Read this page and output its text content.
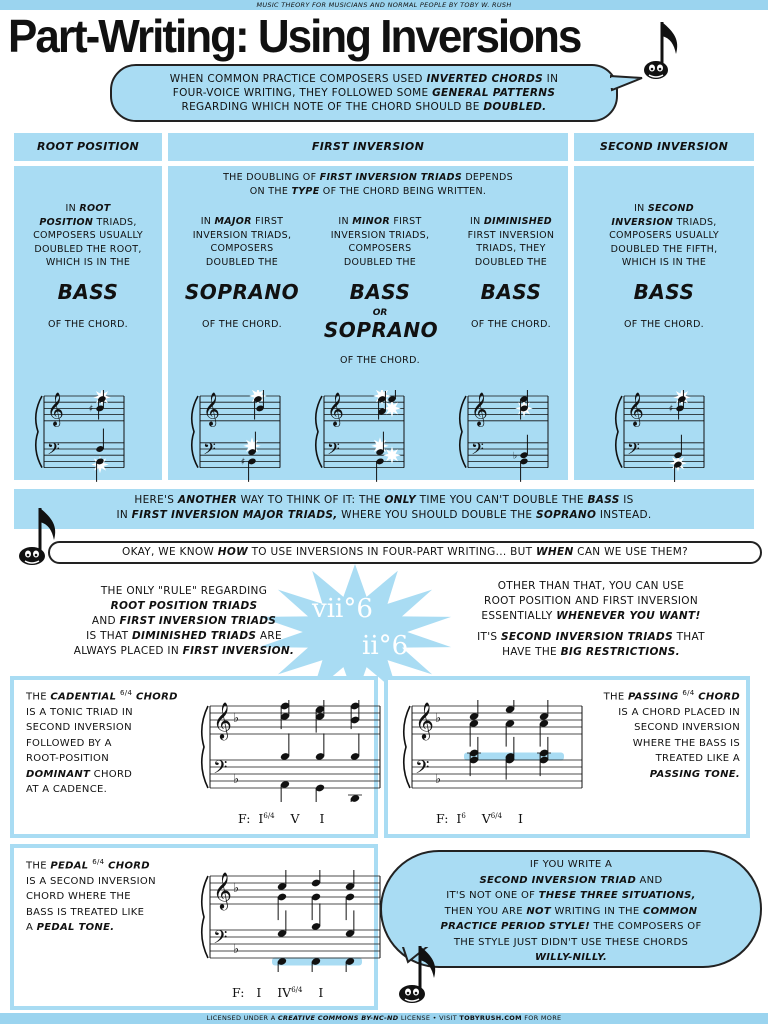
MUSIC THEORY FOR MUSICIANS AND NORMAL PEOPLE BY TOBY W. RUSH
Part-Writing: Using Inversions
WHEN COMMON PRACTICE COMPOSERS USED INVERTED CHORDS IN
FOUR-VOICE WRITING, THEY FOLLOWED SOME GENERAL PATTERNS
REGARDING WHICH NOTE OF THE CHORD SHOULD BE DOUBLED.
ROOT POSITION	FIRST INVERSION	SECOND INVERSION
IN ROOT
POSITION TRIADS,
COMPOSERS USUALLY
DOUBLED THE ROOT,
WHICH IS IN THE
BASS
OF THE CHORD.
THE DOUBLING OF FIRST INVERSION TRIADS DEPENDS
ON THE TYPE OF THE CHORD BEING WRITTEN.
IN MAJOR FIRST
INVERSION TRIADS,
COMPOSERS
DOUBLED THE
SOPRANO
OF THE CHORD.
IN MINOR FIRST
INVERSION TRIADS,
COMPOSERS
DOUBLED THE
BASS
OR
SOPRANO
OF THE CHORD.
IN DIMINISHED
FIRST INVERSION
TRIADS, THEY
DOUBLED THE
BASS
OF THE CHORD.
IN SECOND
INVERSION TRIADS,
COMPOSERS USUALLY
DOUBLED THE FIFTH,
WHICH IS IN THE
BASS
OF THE CHORD.
𝄞
𝄢
♯	𝄞
𝄢	♯
𝄞
𝄢
𝄞
𝄢	♭
𝄞
𝄢
♯
HERE'S ANOTHER WAY TO THINK OF IT: THE ONLY TIME YOU CAN'T DOUBLE THE BASS IS
IN FIRST INVERSION MAJOR TRIADS, WHERE YOU SHOULD DOUBLE THE SOPRANO INSTEAD.
OKAY, WE KNOW HOW TO USE INVERSIONS IN FOUR-PART WRITING... BUT WHEN CAN WE USE THEM?
vii°6
ii°6
THE ONLY "RULE" REGARDING
ROOT POSITION TRIADS
AND FIRST INVERSION TRIADS
IS THAT DIMINISHED TRIADS ARE
ALWAYS PLACED IN FIRST INVERSION.
OTHER THAN THAT, YOU CAN USE
ROOT POSITION AND FIRST INVERSION
ESSENTIALLY WHENEVER YOU WANT!
IT'S SECOND INVERSION TRIADS THAT
HAVE THE BIG RESTRICTIONS.
THE CADENTIAL $^{6/4}$ CHORD
IS A TONIC TRIAD IN
SECOND INVERSION
FOLLOWED BY A
ROOT-POSITION
DOMINANT CHORD
AT A CADENCE.
THE PASSING $^{6/4}$ CHORD
IS A CHORD PLACED IN
SECOND INVERSION
WHERE THE BASS IS
TREATED LIKE A
PASSING TONE.
THE PEDAL $^{6/4}$ CHORD
IS A SECOND INVERSION
CHORD WHERE THE
BASS IS TREATED LIKE
A PEDAL TONE.
𝄞
𝄢
♭
♭
𝄞
𝄢
♭
♭
𝄞
𝄢
♭
♭
F: $I^{6/4}$ V I	F: $I^6$ $V^{6/4}$ I
F: I $IV^{6/4}$ I
IF YOU WRITE A
SECOND INVERSION TRIAD AND
IT'S NOT ONE OF THESE THREE SITUATIONS,
THEN YOU ARE NOT WRITING IN THE COMMON
PRACTICE PERIOD STYLE! THE COMPOSERS OF
THE STYLE JUST DIDN'T USE THESE CHORDS
WILLY-NILLY.
LICENSED UNDER A CREATIVE COMMONS BY-NC-ND LICENSE • VISIT TOBYRUSH.COM FOR MORE
